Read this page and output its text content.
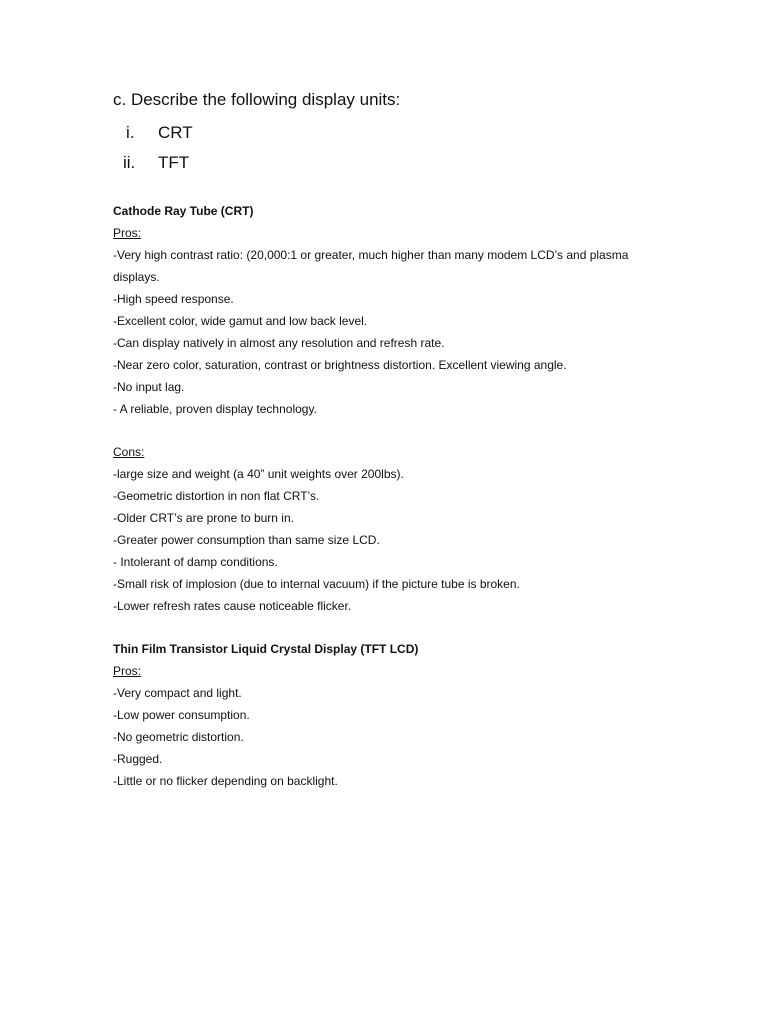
c. Describe the following display units:
i.	CRT
ii.	TFT

Cathode Ray Tube (CRT)

Pros:

-Very high contrast ratio: (20,000:1 or greater, much higher than many modem LCD’s and plasma

displays.

-High speed response.

-Excellent color, wide gamut and low back level.

-Can display natively in almost any resolution and refresh rate.

-Near zero color, saturation, contrast or brightness distortion. Excellent viewing angle.

-No input lag.

- A reliable, proven display technology.

Cons:

-large size and weight (a 40” unit weights over 200lbs).

-Geometric distortion in non flat CRT’s.

-Older CRT’s are prone to burn in.

-Greater power consumption than same size LCD.

- Intolerant of damp conditions.

-Small risk of implosion (due to internal vacuum) if the picture tube is broken.

-Lower refresh rates cause noticeable flicker.

Thin Film Transistor Liquid Crystal Display (TFT LCD)

Pros:

-Very compact and light.

-Low power consumption.

-No geometric distortion.

-Rugged.

-Little or no flicker depending on backlight.
